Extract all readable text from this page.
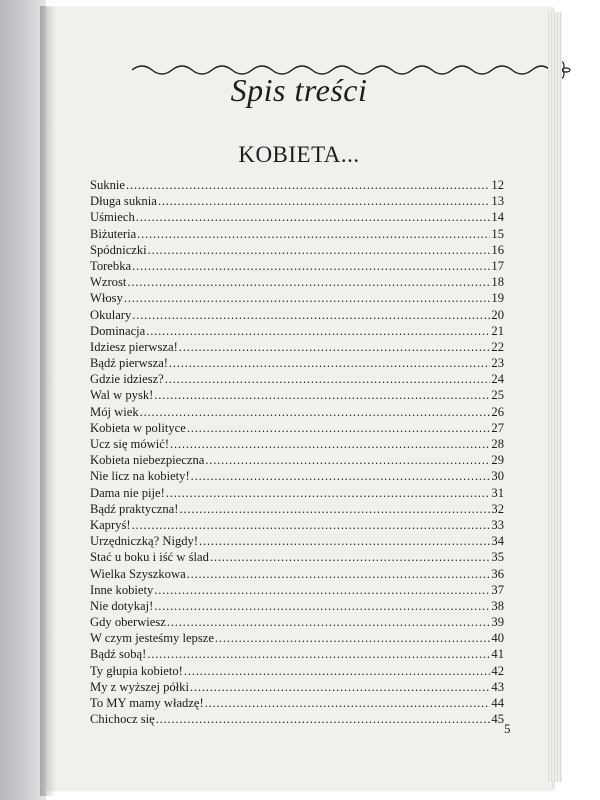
Spis treści
KOBIETA...
Suknie .....	12
Długa suknia .....	13
Uśmiech .....	14
Biżuteria .....	15
Spódniczki .....	16
Torebka .....	17
Wzrost .....	18
Włosy .....	19
Okulary .....	20
Dominacja .....	21
Idziesz pierwsza! .....	22
Bądź pierwsza! .....	23
Gdzie idziesz? .....	24
Wal w pysk! .....	25
Mój wiek .....	26
Kobieta w polityce .....	27
Ucz się mówić! .....	28
Kobieta niebezpieczna .....	29
Nie licz na kobiety! .....	30
Dama nie pije! .....	31
Bądź praktyczna! .....	32
Kapryś! .....	33
Urzędniczką? Nigdy! .....	34
Stać u boku i iść w ślad .....	35
Wielka Szyszkowa .....	36
Inne kobiety .....	37
Nie dotykaj! .....	38
Gdy oberwiesz .....	39
W czym jesteśmy lepsze .....	40
Bądź sobą! .....	41
Ty głupia kobieto! .....	42
My z wyższej półki .....	43
To MY mamy władzę! .....	44
Chichocz się .....	45
5
